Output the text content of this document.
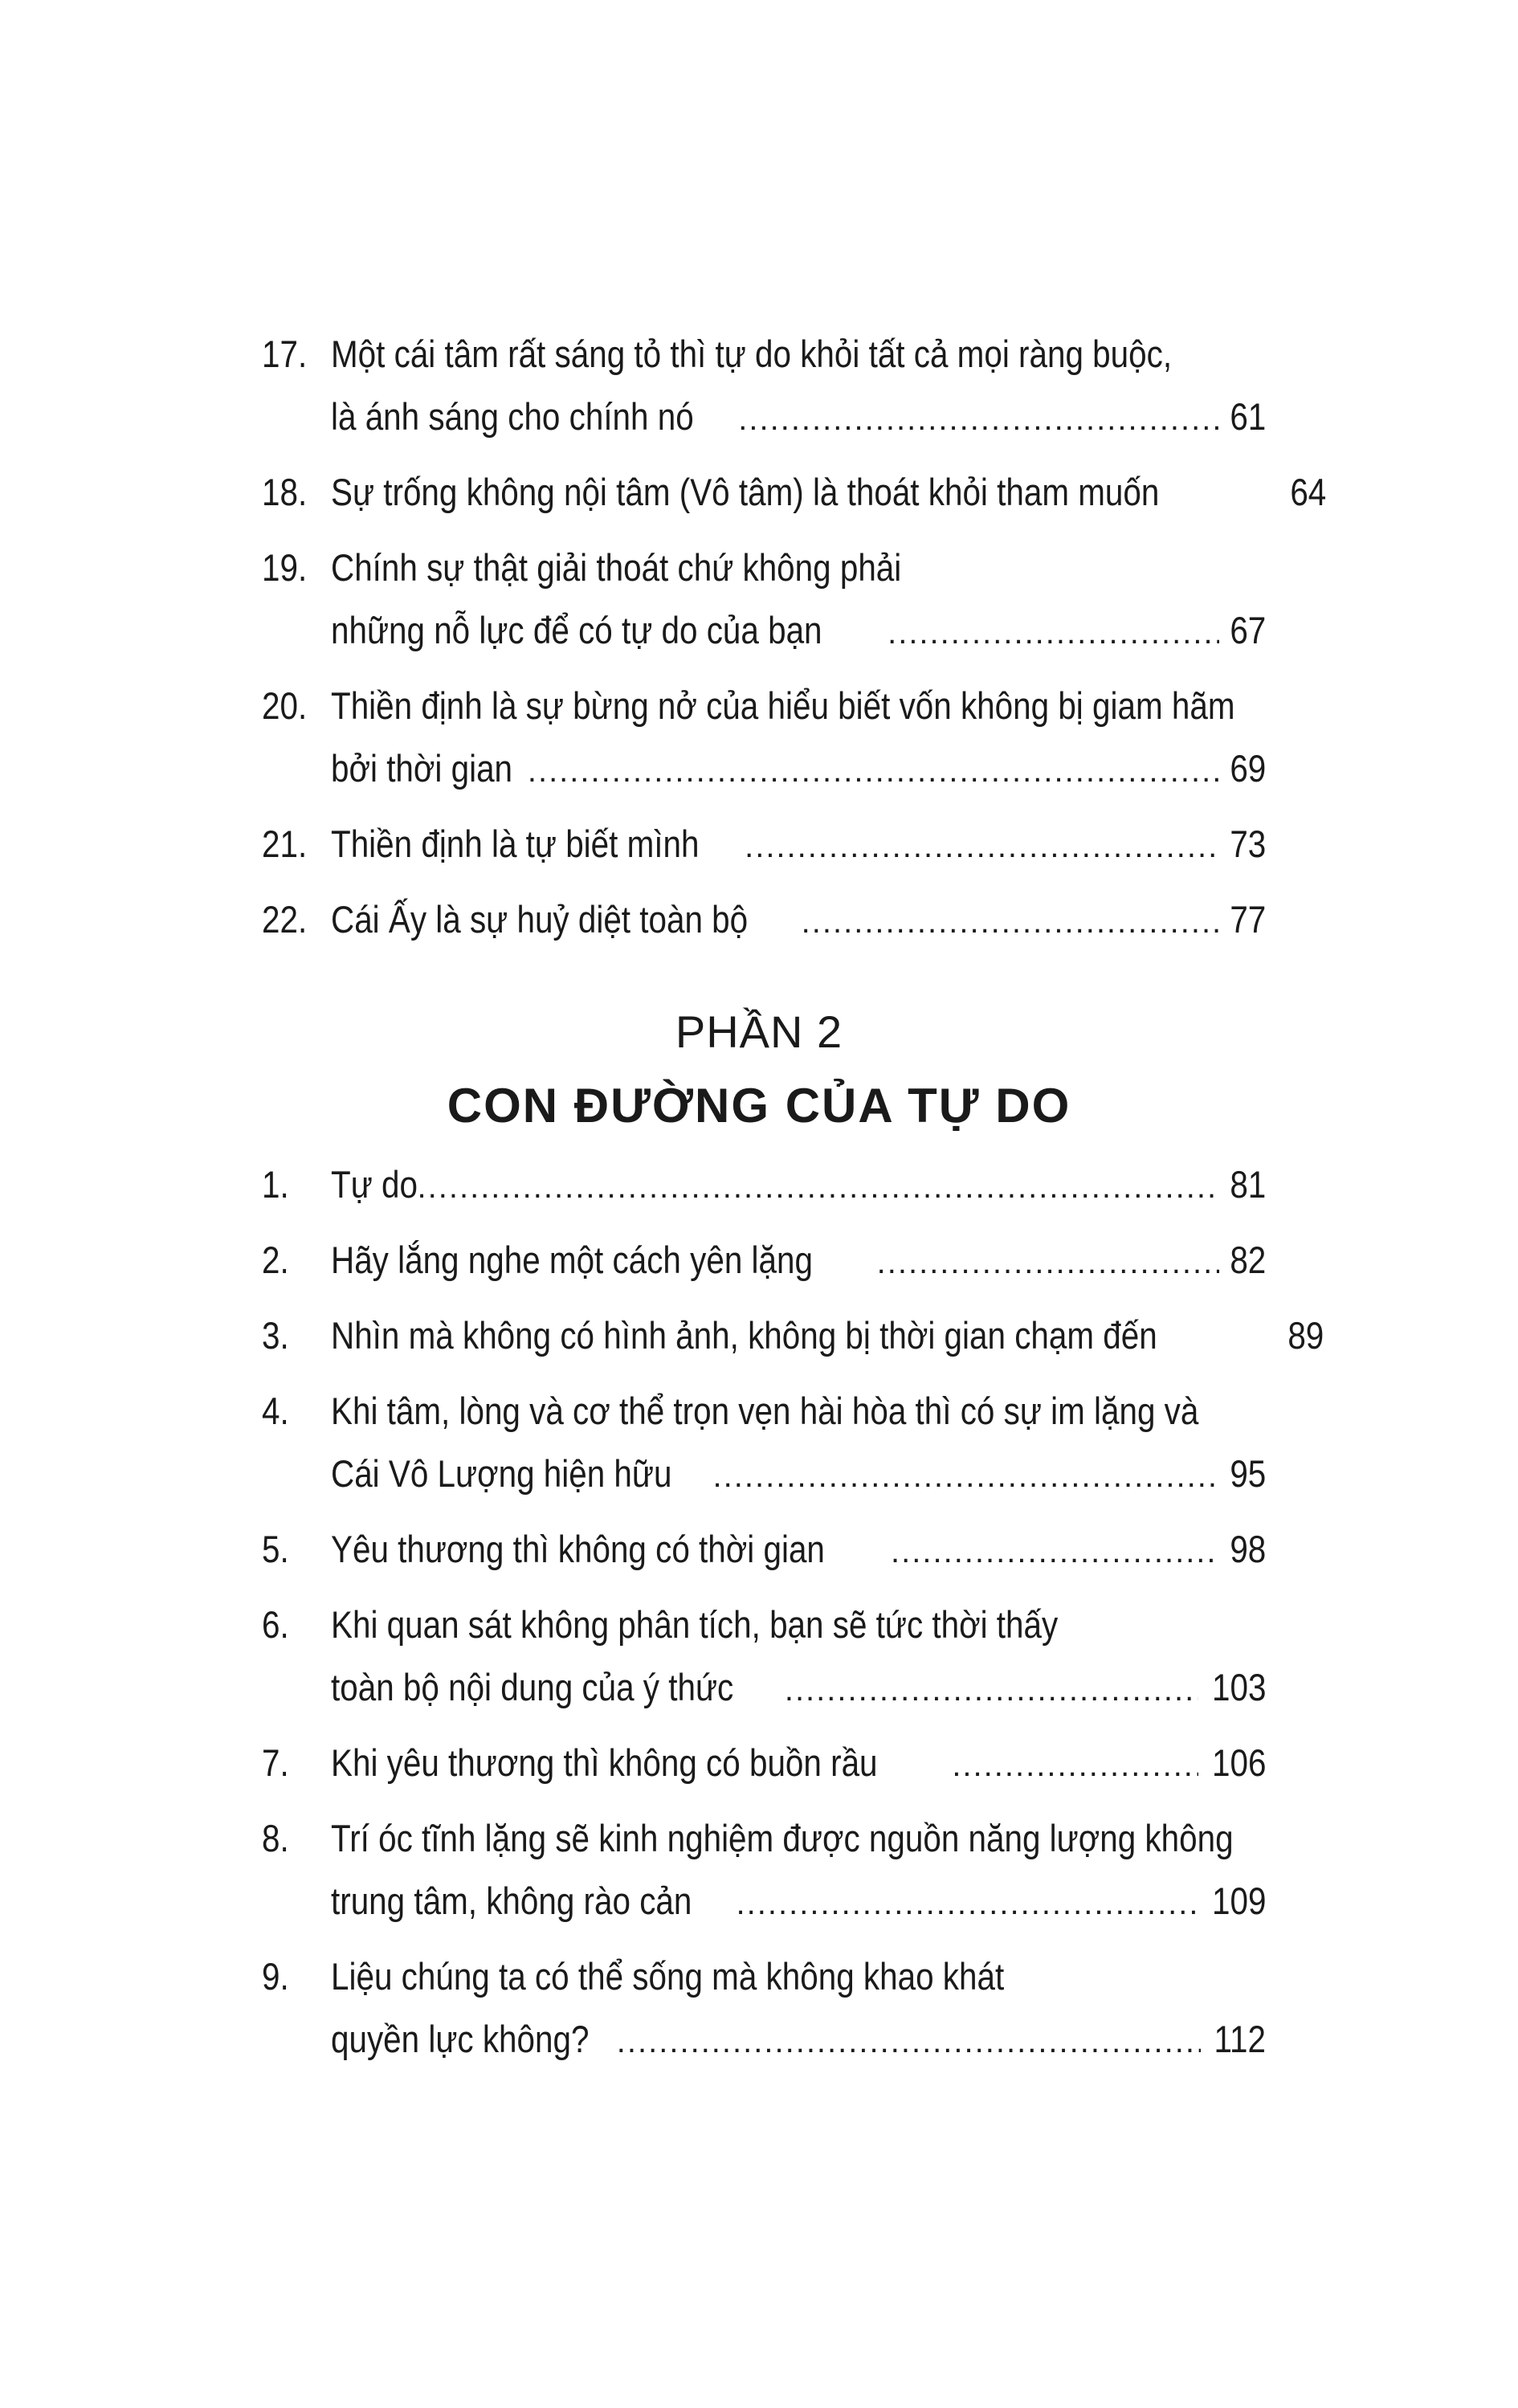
17. Một cái tâm rất sáng tỏ thì tự do khỏi tất cả mọi ràng buộc,
là ánh sáng cho chính nó .....	61
18. Sự trống không nội tâm (Vô tâm) là thoát khỏi tham muốn	64
19. Chính sự thật giải thoát chứ không phải
những nỗ lực để có tự do của bạn .....	67
20. Thiền định là sự bừng nở của hiểu biết vốn không bị giam hãm
bởi thời gian .....	69
21. Thiền định là tự biết mình .....	73
22. Cái Ấy là sự huỷ diệt toàn bộ .....	77
PHẦN 2
CON ĐƯỜNG CỦA TỰ DO
1. Tự do .....	81
2. Hãy lắng nghe một cách yên lặng .....	82
3. Nhìn mà không có hình ảnh, không bị thời gian chạm đến	89
4. Khi tâm, lòng và cơ thể trọn vẹn hài hòa thì có sự im lặng và
Cái Vô Lượng hiện hữu .....	95
5. Yêu thương thì không có thời gian .....	98
6. Khi quan sát không phân tích, bạn sẽ tức thời thấy
toàn bộ nội dung của ý thức .....	103
7. Khi yêu thương thì không có buồn rầu .....	106
8. Trí óc tĩnh lặng sẽ kinh nghiệm được nguồn năng lượng không
trung tâm, không rào cản .....	109
9. Liệu chúng ta có thể sống mà không khao khát
quyền lực không? .....	112
